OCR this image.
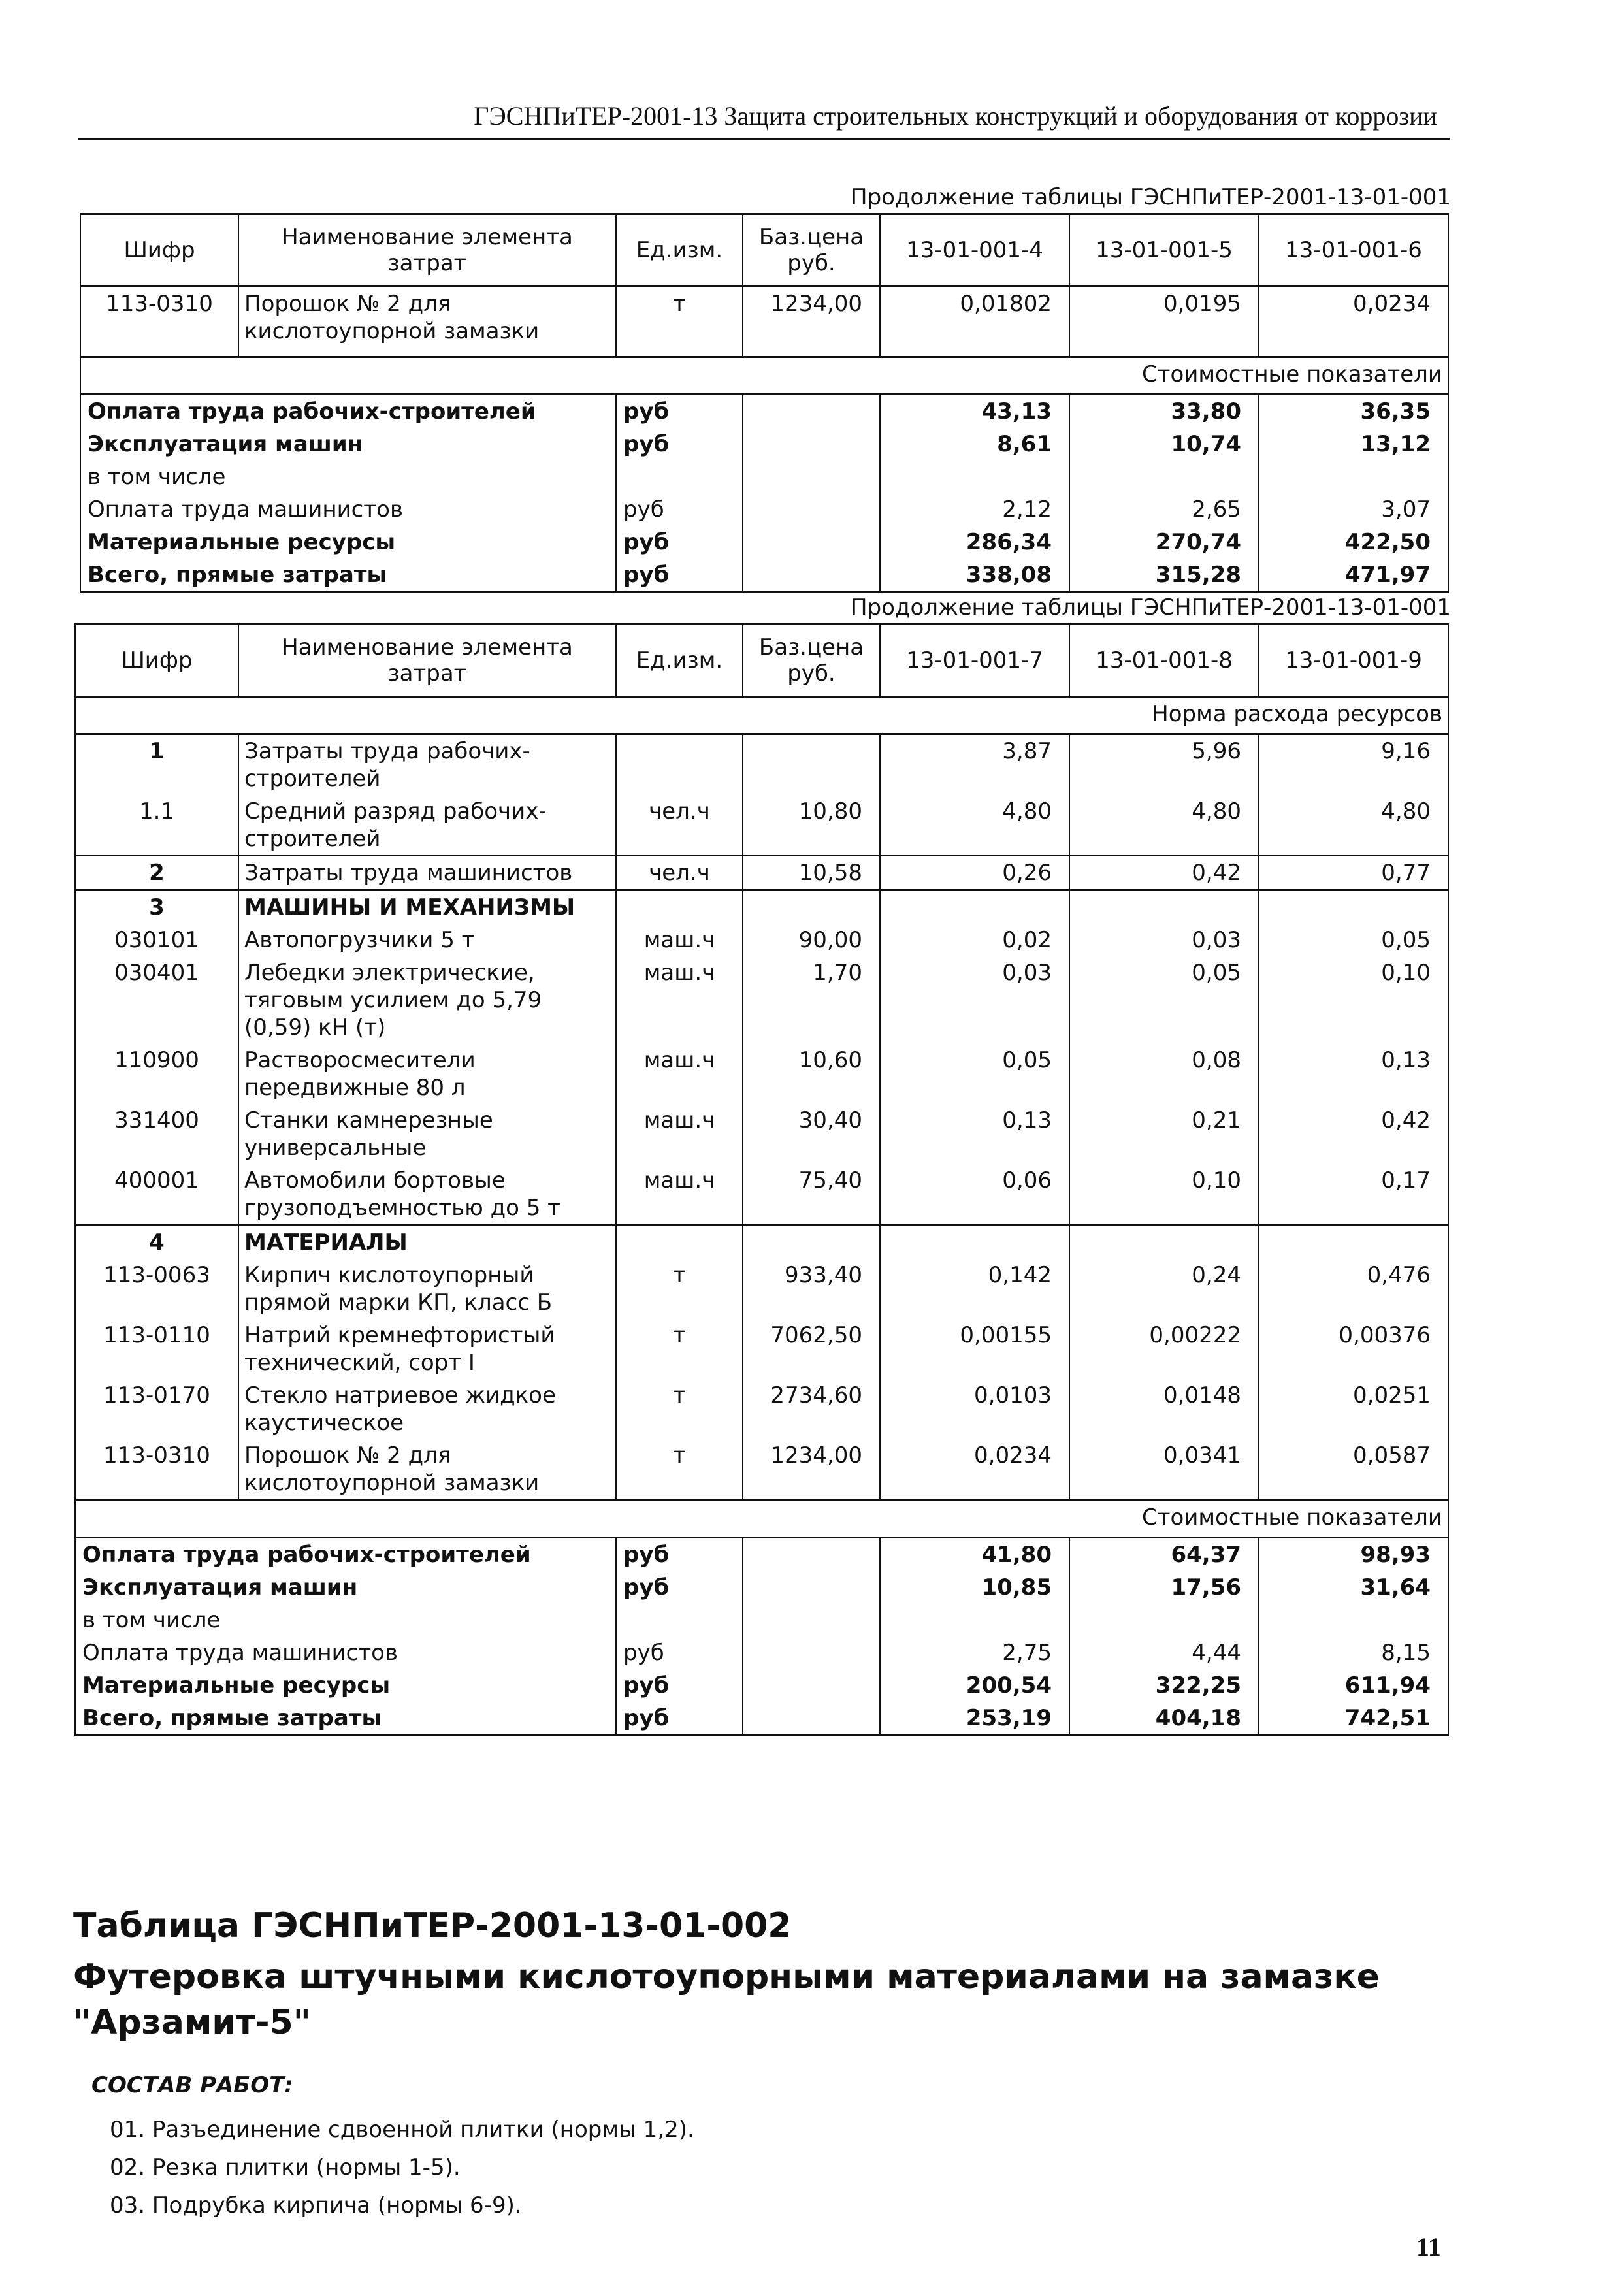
ГЭСНПиТЕР-2001-13 Защита строительных конструкций и оборудования от коррозии
Продолжение таблицы ГЭСНПиТЕР-2001-13-01-001
Шифр	Наименование элемента затрат	Ед.изм.	Баз.цена руб.	13-01-001-4	13-01-001-5	13-01-001-6
113-0310	Порошок № 2 для кислотоупорной замазки	т	1234,00	0,01802	0,0195	0,0234
Стоимостные показатели						
Оплата труда рабочих-строителей		руб		43,13	33,80	36,35
Эксплуатация машин		руб		8,61	10,74	13,12
в том числе						
Оплата труда машинистов		руб		2,12	2,65	3,07
Материальные ресурсы		руб		286,34	270,74	422,50
Всего, прямые затраты		руб		338,08	315,28	471,97
Продолжение таблицы ГЭСНПиТЕР-2001-13-01-001
Шифр	Наименование элемента затрат	Ед.изм.	Баз.цена руб.	13-01-001-7	13-01-001-8	13-01-001-9
Норма расхода ресурсов						
1	Затраты труда рабочих-строителей			3,87	5,96	9,16
1.1	Средний разряд рабочих-строителей	чел.ч	10,80	4,80	4,80	4,80
2	Затраты труда машинистов	чел.ч	10,58	0,26	0,42	0,77
3	МАШИНЫ И МЕХАНИЗМЫ					
030101	Автопогрузчики 5 т	маш.ч	90,00	0,02	0,03	0,05
030401	Лебедки электрические, тяговым усилием до 5,79 (0,59) кН (т)	маш.ч	1,70	0,03	0,05	0,10
110900	Растворосмесители передвижные 80 л	маш.ч	10,60	0,05	0,08	0,13
331400	Станки камнерезные универсальные	маш.ч	30,40	0,13	0,21	0,42
400001	Автомобили бортовые грузоподъемностью до 5 т	маш.ч	75,40	0,06	0,10	0,17
4	МАТЕРИАЛЫ					
113-0063	Кирпич кислотоупорный прямой марки КП, класс Б	т	933,40	0,142	0,24	0,476
113-0110	Натрий кремнефтористый технический, сорт I	т	7062,50	0,00155	0,00222	0,00376
113-0170	Стекло натриевое жидкое каустическое	т	2734,60	0,0103	0,0148	0,0251
113-0310	Порошок № 2 для кислотоупорной замазки	т	1234,00	0,0234	0,0341	0,0587
Стоимостные показатели						
Оплата труда рабочих-строителей		руб		41,80	64,37	98,93
Эксплуатация машин		руб		10,85	17,56	31,64
в том числе						
Оплата труда машинистов		руб		2,75	4,44	8,15
Материальные ресурсы		руб		200,54	322,25	611,94
Всего, прямые затраты		руб		253,19	404,18	742,51
Таблица ГЭСНПиТЕР-2001-13-01-002
Футеровка штучными кислотоупорными материалами на замазке
"Арзамит-5"
СОСТАВ РАБОТ:
01. Разъединение сдвоенной плитки (нормы 1,2).
02. Резка плитки (нормы 1-5).
03. Подрубка кирпича (нормы 6-9).
11
